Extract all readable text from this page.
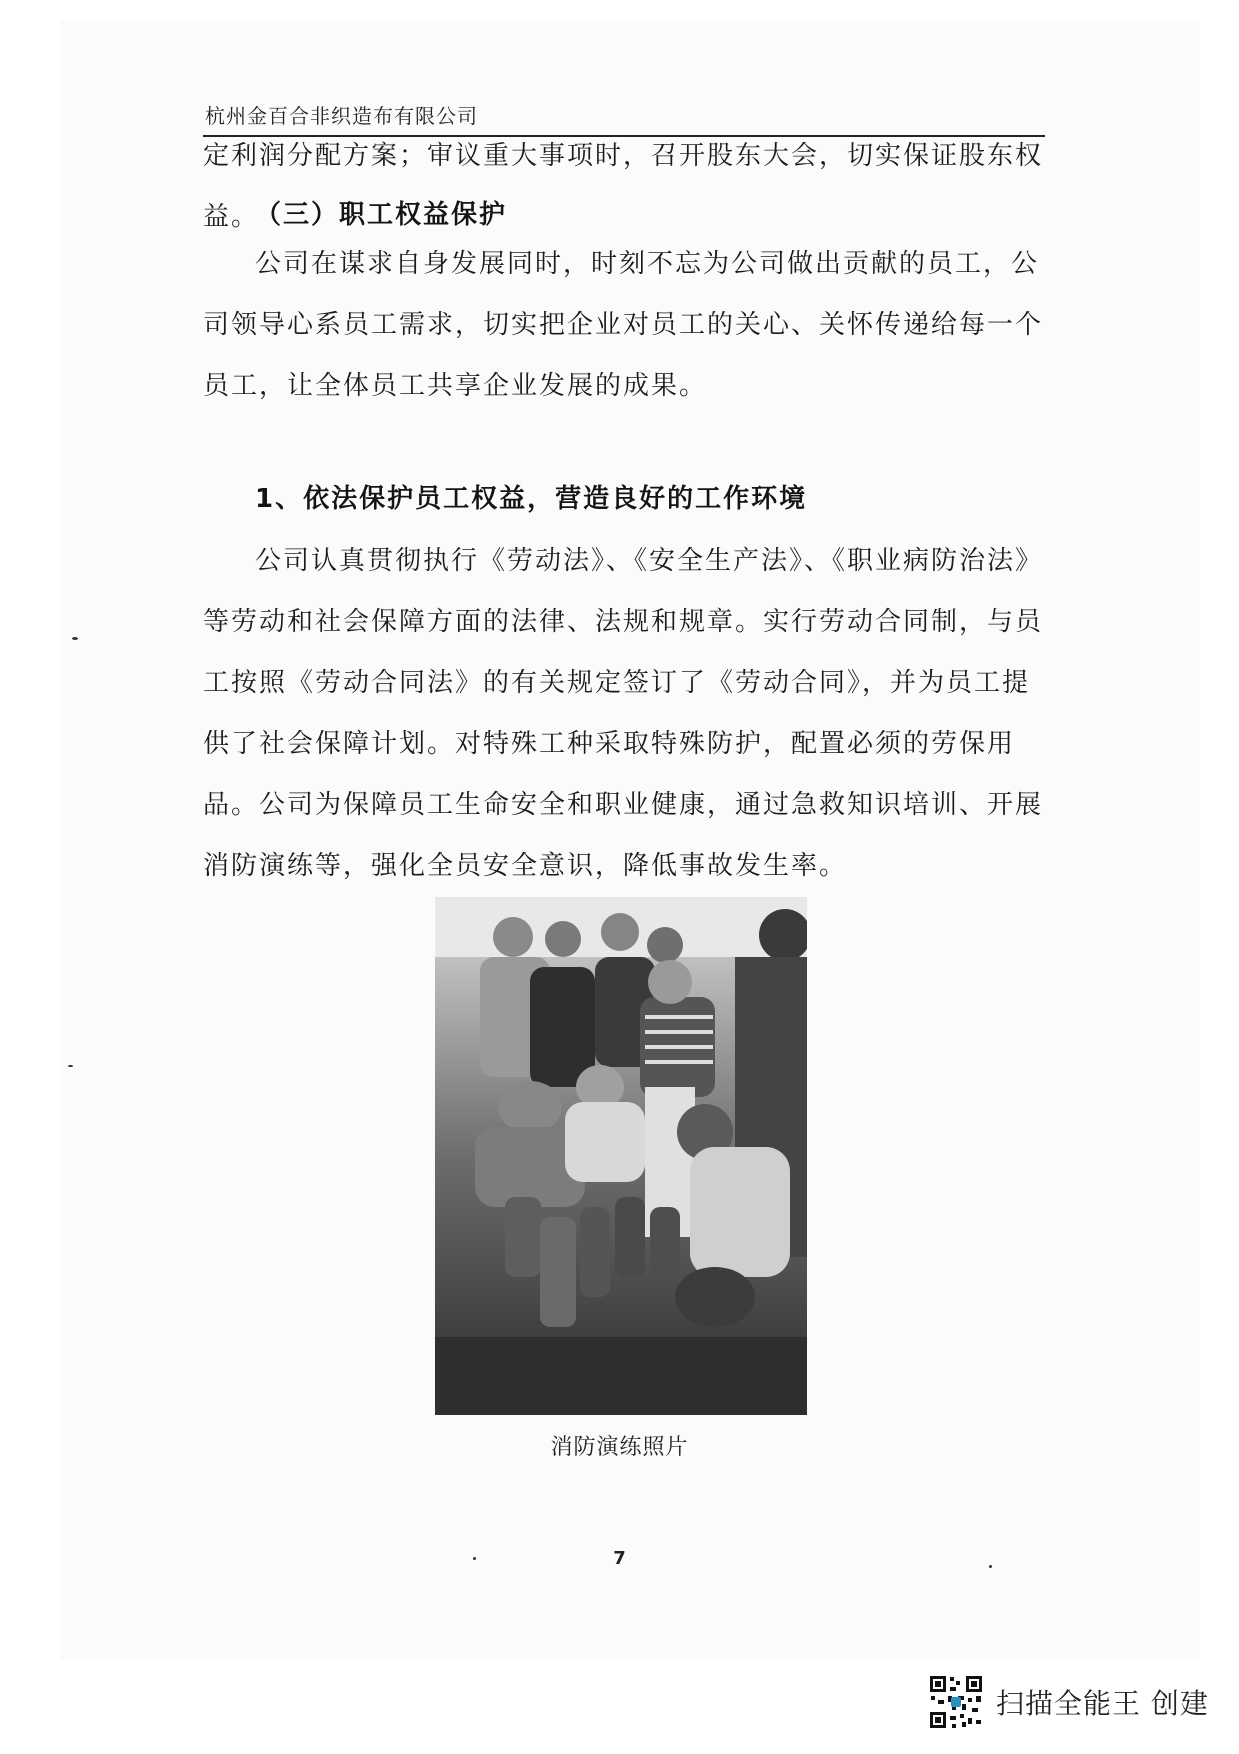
杭州金百合非织造布有限公司

定利润分配方案；审议重大事项时，召开股东大会，切实保证股东权益。

（三）职工权益保护

公司在谋求自身发展同时，时刻不忘为公司做出贡献的员工，公司领导心系员工需求，切实把企业对员工的关心、关怀传递给每一个员工，让全体员工共享企业发展的成果。

1、依法保护员工权益，营造良好的工作环境

公司认真贯彻执行《劳动法》、《安全生产法》、《职业病防治法》等劳动和社会保障方面的法律、法规和规章。实行劳动合同制，与员工按照《劳动合同法》的有关规定签订了《劳动合同》，并为员工提供了社会保障计划。对特殊工种采取特殊防护，配置必须的劳保用品。公司为保障员工生命安全和职业健康，通过急救知识培训、开展消防演练等，强化全员安全意识，降低事故发生率。

消防演练照片
7
扫描全能王 创建
